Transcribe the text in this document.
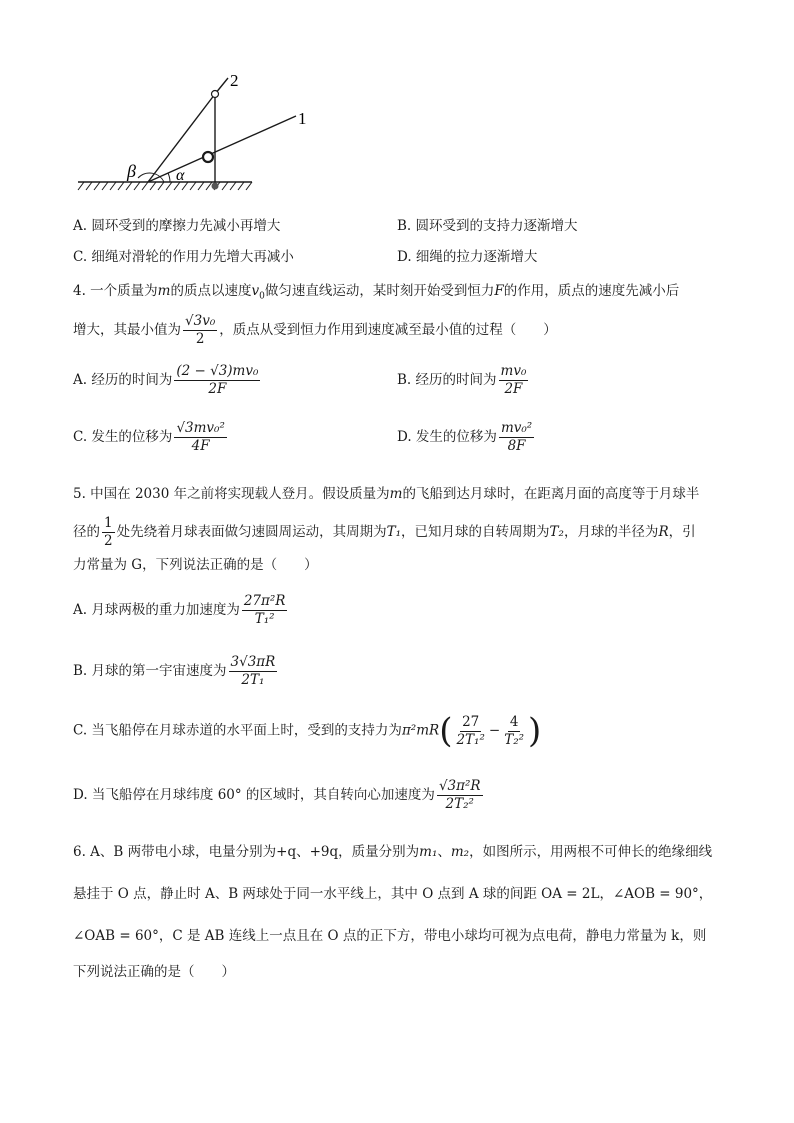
2
1
β	α
A. 圆环受到的摩擦力先减小再增大	B. 圆环受到的支持力逐渐增大
C. 细绳对滑轮的作用力先增大再减小	D. 细绳的拉力逐渐增大
4. 一个质量为m的质点以速度$v_0$做匀速直线运动，某时刻开始受到恒力F的作用，质点的速度先减小后
增大，其最小值为 $\frac{\text{√3v₀}}{2}$ ，质点从受到恒力作用到速度减至最小值的过程（　　）
A. 经历的时间为 $\frac{\text{(2 − √3)mv₀}}{2F}$	B. 经历的时间为 $\frac{\text{mv₀}}{2F}$
C. 发生的位移为 $\frac{\text{√3mv₀²}}{4F}$	D. 发生的位移为 $\frac{\text{mv₀²}}{8F}$
5. 中国在 2030 年之前将实现载人登月。假设质量为m的飞船到达月球时，在距离月面的高度等于月球半
径的 $\frac{1}{2}$ 处先绕着月球表面做匀速圆周运动，其周期为T₁，已知月球的自转周期为T₂，月球的半径为R，引
力常量为 G，下列说法正确的是（　　）
A. 月球两极的重力加速度为 $\frac{\text{27π²R}}{\text{T₁²}}$
B. 月球的第一宇宙速度为 $\frac{3√3\pi R}{\text{2T₁}}$
C. 当飞船停在月球赤道的水平面上时，受到的支持力为$\pi^2mR( \frac{27}{\text{2T₁²}} - \frac{4}{\text{T₂²}}$ )
D. 当飞船停在月球纬度 60° 的区域时，其自转向心加速度为 $\frac{\text{√3π²R}}{\text{2T₂²}}$
6. A、B 两带电小球，电量分别为+q、+9q，质量分别为m₁、m₂，如图所示，用两根不可伸长的绝缘细线
悬挂于 O 点，静止时 A、B 两球处于同一水平线上，其中 O 点到 A 球的间距 OA = 2L，∠AOB = 90°，
∠OAB = 60°，C 是 AB 连线上一点且在 O 点的正下方，带电小球均可视为点电荷，静电力常量为 k，则
下列说法正确的是（　　）
